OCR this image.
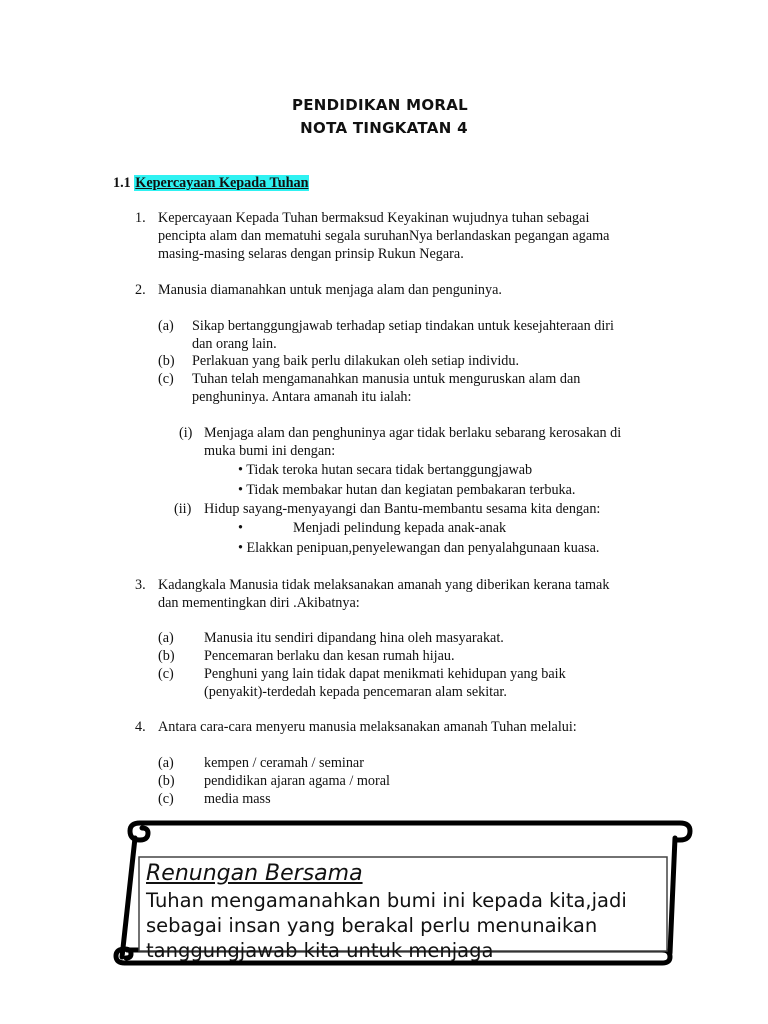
PENDIDIKAN MORAL
NOTA TINGKATAN 4
1.1 Kepercayaan Kepada Tuhan
1. Kepercayaan Kepada Tuhan bermaksud Keyakinan wujudnya tuhan sebagai
pencipta alam dan mematuhi segala suruhanNya berlandaskan pegangan agama
masing-masing selaras dengan prinsip Rukun Negara.
2. Manusia diamanahkan untuk menjaga alam dan penguninya.
(a) Sikap bertanggungjawab terhadap setiap tindakan untuk kesejahteraan diri
dan orang lain.
(b) Perlakuan yang baik perlu dilakukan oleh setiap individu.
(c) Tuhan telah mengamanahkan manusia untuk menguruskan alam dan
penghuninya. Antara amanah itu ialah:
(i) Menjaga alam dan penghuninya agar tidak berlaku sebarang kerosakan di
muka bumi ini dengan:
• Tidak teroka hutan secara tidak bertanggungjawab
• Tidak membakar hutan dan kegiatan pembakaran terbuka.
(ii) Hidup sayang-menyayangi dan Bantu-membantu sesama kita dengan:
•	Menjadi pelindung kepada anak-anak
• Elakkan penipuan,penyelewangan dan penyalahgunaan kuasa.
3. Kadangkala Manusia tidak melaksanakan amanah yang diberikan kerana tamak
dan mementingkan diri .Akibatnya:
(a) Manusia itu sendiri dipandang hina oleh masyarakat.
(b) Pencemaran berlaku dan kesan rumah hijau.
(c) Penghuni yang lain tidak dapat menikmati kehidupan yang baik
(penyakit)-terdedah kepada pencemaran alam sekitar.
4. Antara cara-cara menyeru manusia melaksanakan amanah Tuhan melalui:
(a) kempen / ceramah / seminar
(b) pendidikan ajaran agama / moral
(c) media mass
Renungan Bersama
Tuhan mengamanahkan bumi ini kepada kita,jadi sebagai insan yang berakal perlu menunaikan tanggungjawab kita untuk menjaga
